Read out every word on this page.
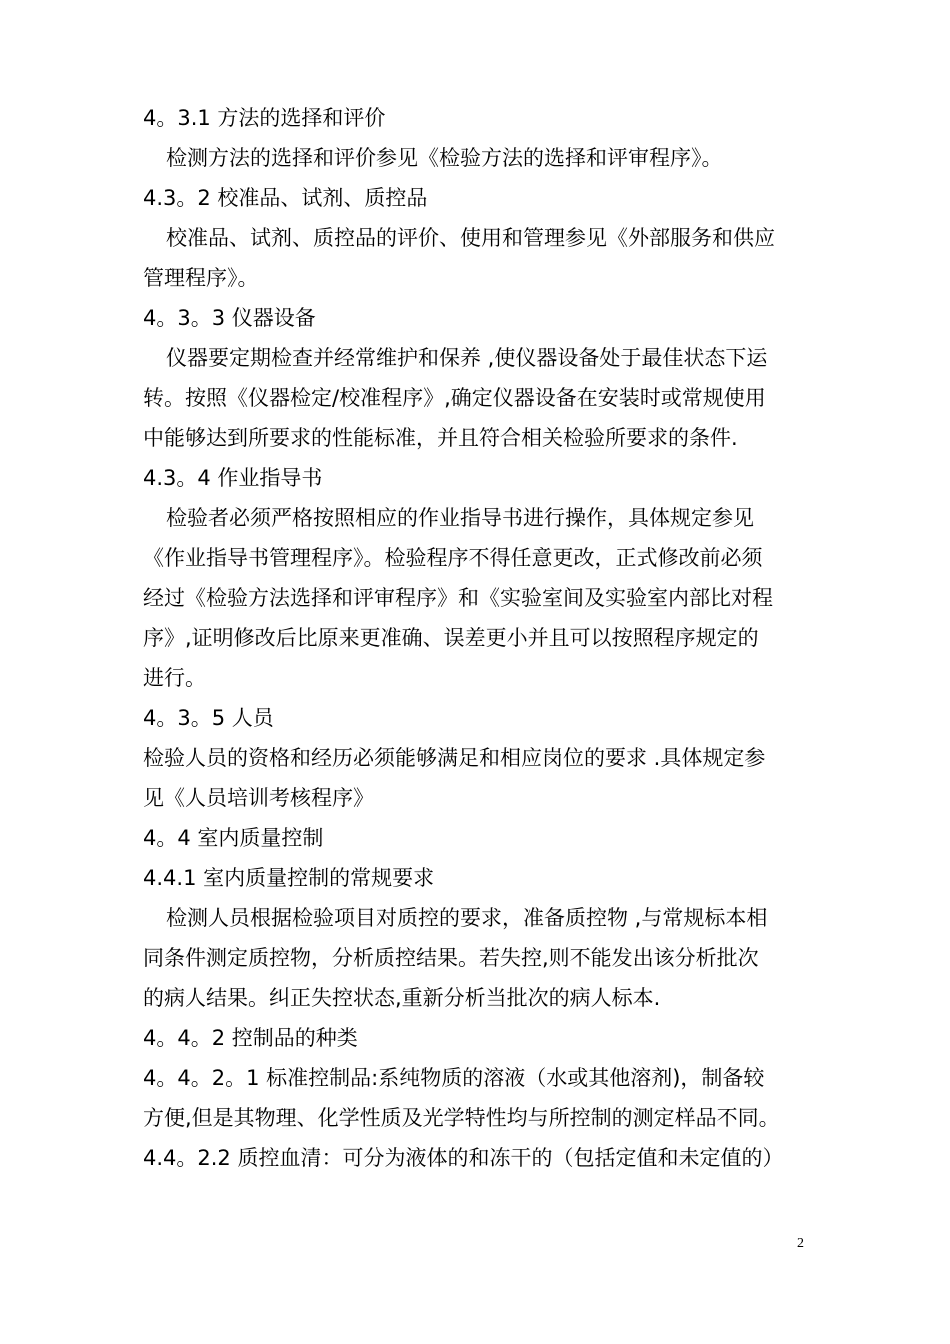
4。3.1 方法的选择和评价
检测方法的选择和评价参见《检验方法的选择和评审程序》。
4.3。2 校准品、试剂、质控品
校准品、试剂、质控品的评价、使用和管理参见《外部服务和供应
管理程序》。
4。3。3 仪器设备
仪器要定期检查并经常维护和保养 ,使仪器设备处于最佳状态下运
转。按照《仪器检定/校准程序》,确定仪器设备在安装时或常规使用
中能够达到所要求的性能标准，并且符合相关检验所要求的条件.
4.3。4 作业指导书
检验者必须严格按照相应的作业指导书进行操作，具体规定参见
《作业指导书管理程序》。检验程序不得任意更改，正式修改前必须
经过《检验方法选择和评审程序》和《实验室间及实验室内部比对程
序》,证明修改后比原来更准确、误差更小并且可以按照程序规定的
进行。
4。3。5 人员
检验人员的资格和经历必须能够满足和相应岗位的要求 .具体规定参
见《人员培训考核程序》
4。4 室内质量控制
4.4.1 室内质量控制的常规要求
检测人员根据检验项目对质控的要求，准备质控物 ,与常规标本相
同条件测定质控物，分析质控结果。若失控,则不能发出该分析批次
的病人结果。纠正失控状态,重新分析当批次的病人标本.
4。4。2 控制品的种类
4。4。2。1 标准控制品:系纯物质的溶液（水或其他溶剂)，制备较
方便,但是其物理、化学性质及光学特性均与所控制的测定样品不同。
4.4。2.2 质控血清：可分为液体的和冻干的（包括定值和未定值的）
2
